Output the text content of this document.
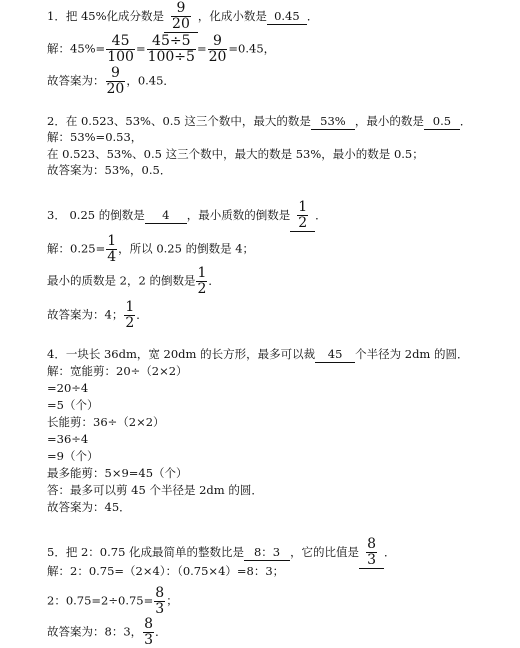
1．把 45%化成分数是 $\frac{9}{20}$ ，化成小数是 0.45 ．
解：$45\%= \frac{45}{100} = \frac{45\div 5}{100\div 5} = \frac{9}{20} =0.45$，
故答案为： $\frac{9}{20}$ ，0.45．
2．在 0.523、53%、0.5 这三个数中，最大的数是 53% ，最小的数是 0.5 ．
解：53%=0.53，
在 0.523、53%、0.5 这三个数中，最大的数是 53%，最小的数是 0.5；
故答案为：53%，0.5．
3． 0.25 的倒数是 4 ，最小质数的倒数是 $\frac{1}{2}$ ．
解：$0.25= \frac{1}{4}$ ，所以 0.25 的倒数是 4；
最小的质数是 2，2 的倒数是 $\frac{1}{2}$ ．
故答案为：4； $\frac{1}{2}$ ．
4．一块长 36dm，宽 20dm 的长方形，最多可以裁 45 个半径为 2dm 的圆．
解：宽能剪：20÷（2×2）
=20÷4
=5（个）
长能剪：36÷（2×2）
=36÷4
=9（个）
最多能剪：5×9=45（个）
答：最多可以剪 45 个半径是 2dm 的圆．
故答案为：45．
5．把 2：0.75 化成最简单的整数比是 8：3 ，它的比值是 $\frac{8}{3}$ ．
解：2：0.75=（2×4）：（0.75×4）=8：3；
2：$0.75=2\div 0.75= \frac{8}{3}$ ；
故答案为：8：3， $\frac{8}{3}$ ．
